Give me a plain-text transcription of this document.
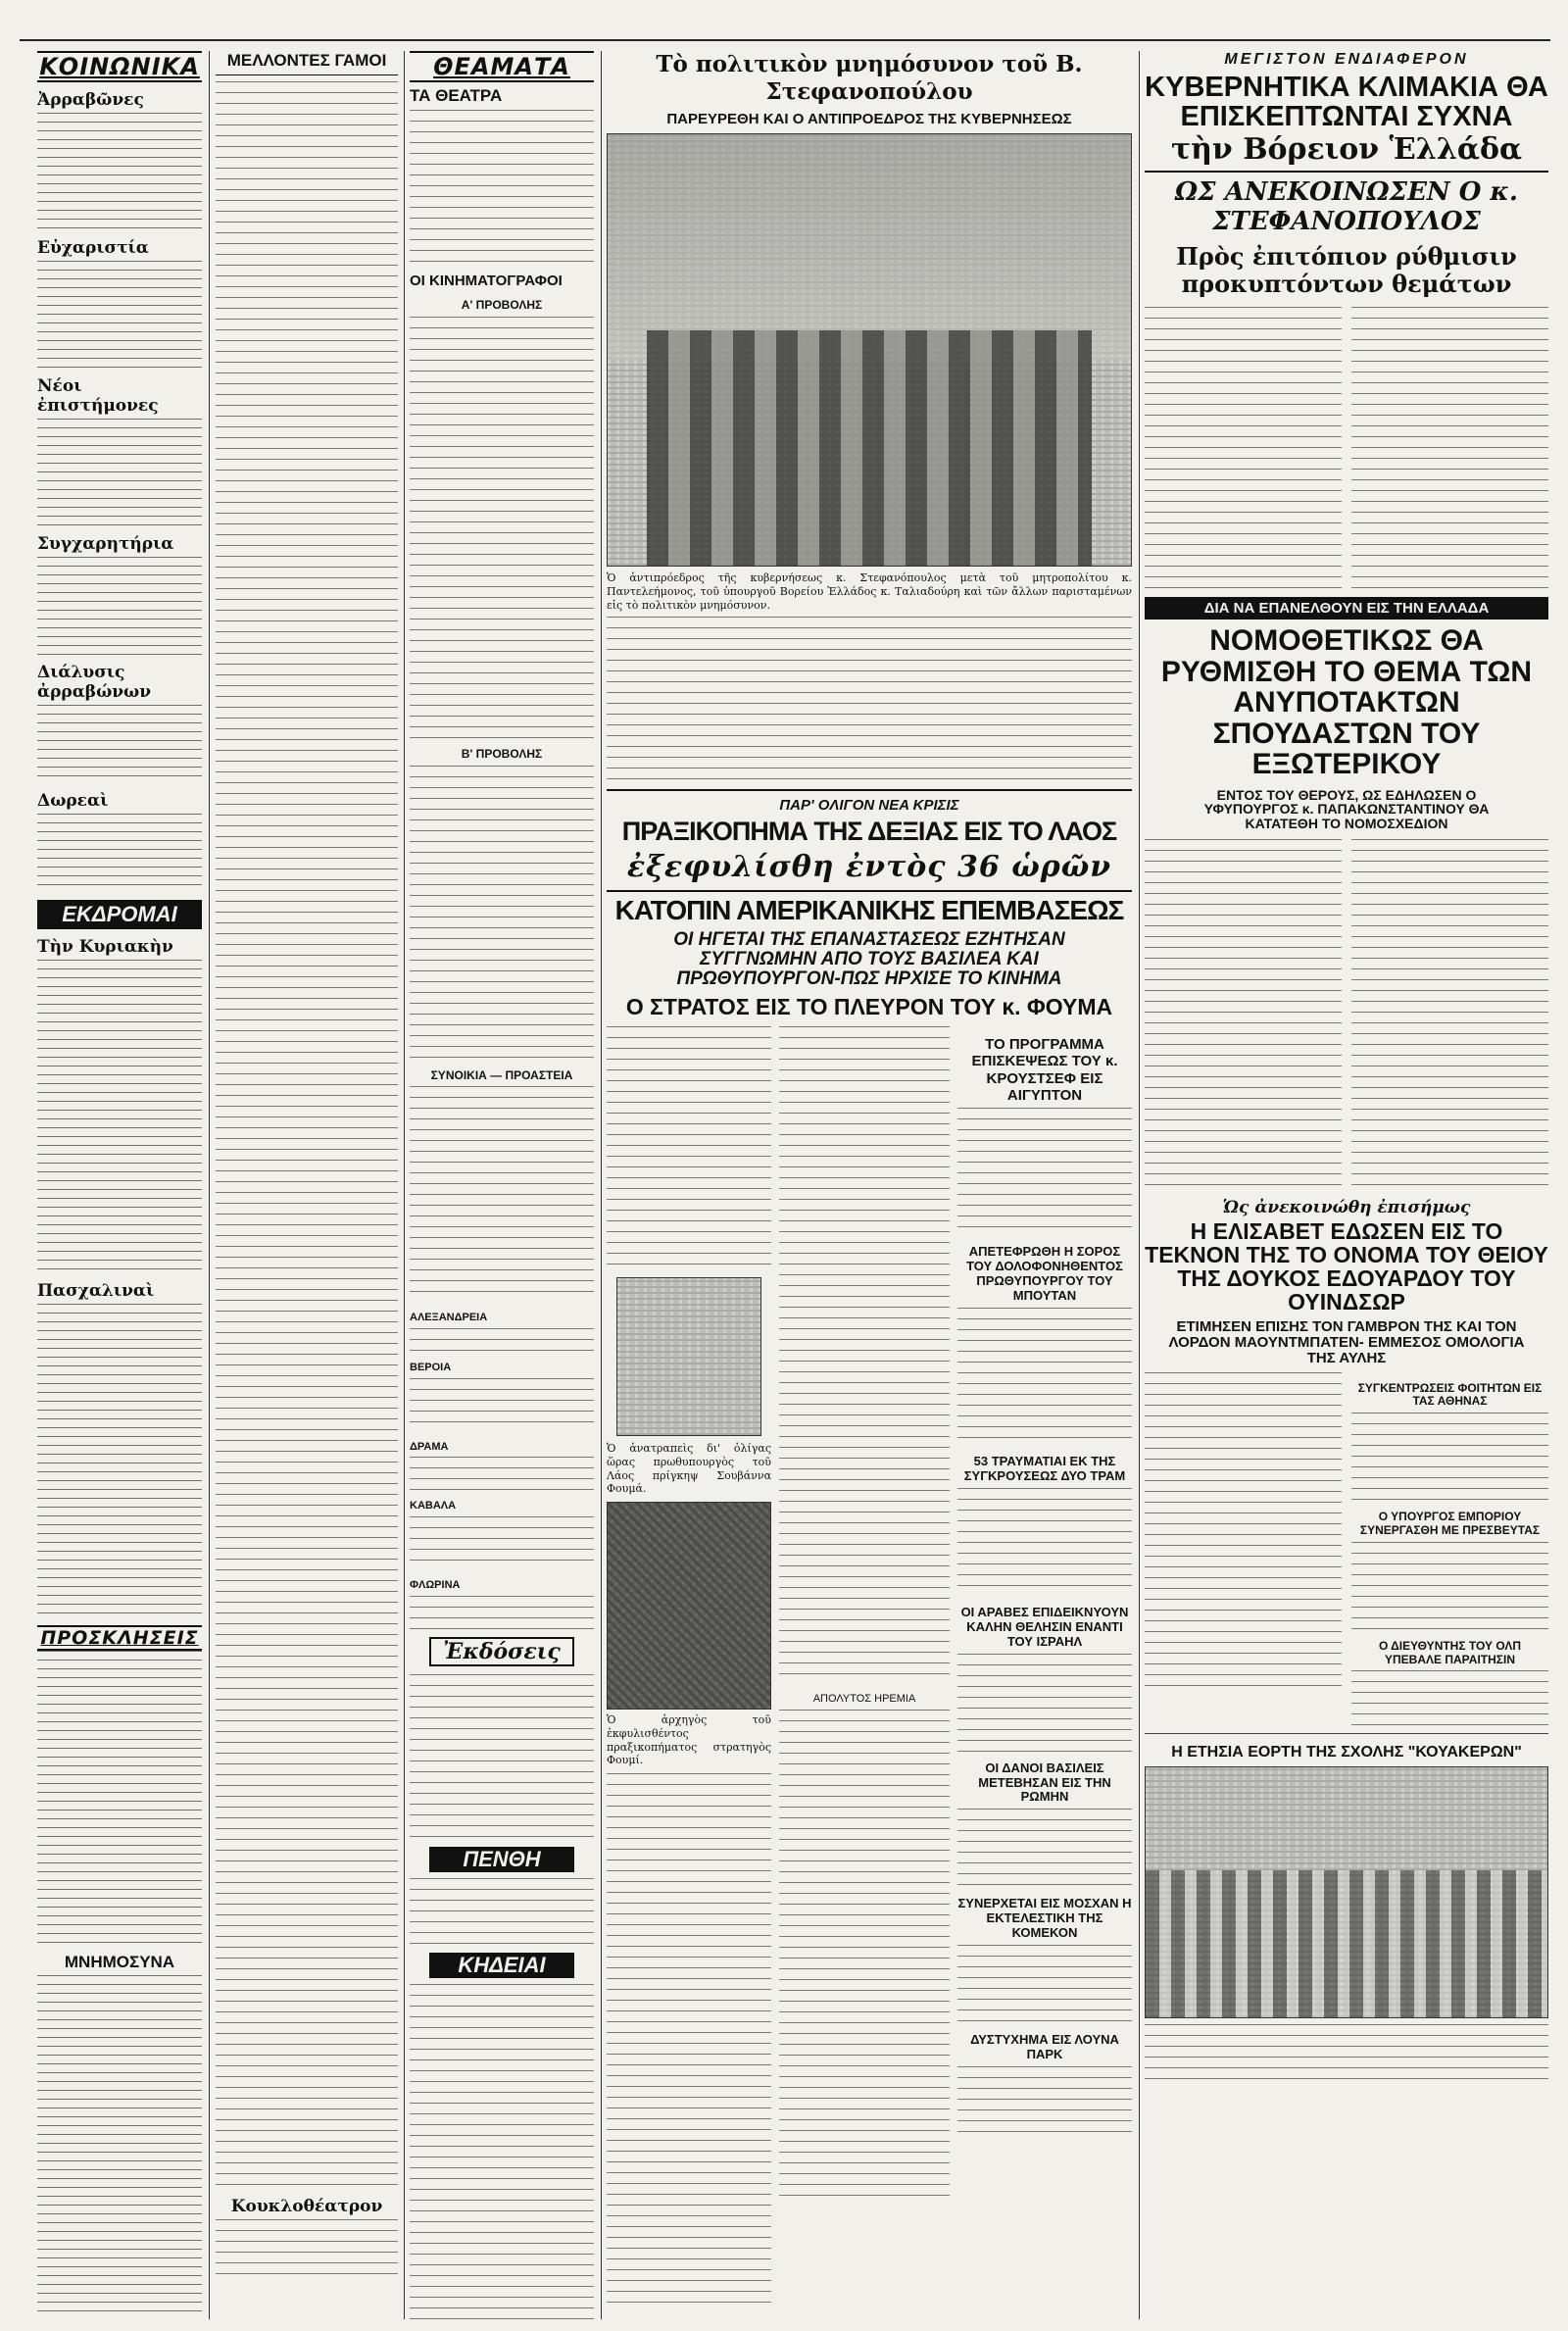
ΚΟΙΝΩΝΙΚΑ
Ἀρραβῶνες
Εὐχαριστία
Νέοι ἐπιστήμονες
Συγχαρητήρια
Διάλυσις ἀρραβώνων
Δωρεαὶ
ΕΚΔΡΟΜΑΙ
Τὴν Κυριακὴν
Πασχαλιναὶ
ΠΡΟΣΚΛΗΣΕΙΣ
ΜΝΗΜΟΣΥΝΑ
ΜΕΛΛΟΝΤΕΣ ΓΑΜΟΙ
Κουκλοθέατρον
ΘΕΑΜΑΤΑ
ΤΑ ΘΕΑΤΡΑ
ΟΙ ΚΙΝΗΜΑΤΟΓΡΑΦΟΙ
Α' ΠΡΟΒΟΛΗΣ
Β' ΠΡΟΒΟΛΗΣ
ΣΥΝΟΙΚΙΑ — ΠΡΟΑΣΤΕΙΑ
ΑΛΕΞΑΝΔΡΕΙΑ
ΒΕΡΟΙΑ
ΔΡΑΜΑ
ΚΑΒΑΛΑ
ΦΛΩΡΙΝΑ
Ἐκδόσεις
ΠΕΝΘΗ
ΚΗΔΕΙΑΙ
Τὸ πολιτικὸν μνημόσυνον τοῦ Β. Στεφανοπούλου
ΠΑΡΕΥΡΕΘΗ ΚΑΙ Ο ΑΝΤΙΠΡΟΕΔΡΟΣ ΤΗΣ ΚΥΒΕΡΝΗΣΕΩΣ
Ὁ ἀντιπρόεδρος τῆς κυβερνήσεως κ. Στεφανόπουλος μετὰ τοῦ μητροπολίτου κ. Παντελεήμονος, τοῦ ὑπουργοῦ Βορείου Ἑλλάδος κ. Ταλιαδούρη καὶ τῶν ἄλλων παρισταμένων εἰς τὸ πολιτικὸν μνημόσυνον.
ΠΑΡ' ΟΛΙΓΟΝ ΝΕΑ ΚΡΙΣΙΣ
ΠΡΑΞΙΚΟΠΗΜΑ ΤΗΣ ΔΕΞΙΑΣ ΕΙΣ ΤΟ ΛΑΟΣ
ἐξεφυλίσθη ἐντὸς 36 ὡρῶν
ΚΑΤΟΠΙΝ ΑΜΕΡΙΚΑΝΙΚΗΣ ΕΠΕΜΒΑΣΕΩΣ
ΟΙ ΗΓΕΤΑΙ ΤΗΣ ΕΠΑΝΑΣΤΑΣΕΩΣ ΕΖΗΤΗΣΑΝ ΣΥΓΓΝΩΜΗΝ ΑΠΟ ΤΟΥΣ ΒΑΣΙΛΕΑ ΚΑΙ ΠΡΩΘΥΠΟΥΡΓΟΝ-ΠΩΣ ΗΡΧΙΣΕ ΤΟ ΚΙΝΗΜΑ
Ο ΣΤΡΑΤΟΣ ΕΙΣ ΤΟ ΠΛΕΥΡΟΝ ΤΟΥ κ. ΦΟΥΜΑ
Ὁ ἀνατραπεὶς δι' ὀλίγας ὥρας πρωθυπουργὸς τοῦ Λάος πρίγκηψ Σουβάννα Φουμά.
Ὁ ἀρχηγὸς τοῦ ἐκφυλισθέντος πραξικοπήματος στρατηγὸς Φουμί.
ΑΠΟΛΥΤΟΣ ΗΡΕΜΙΑ
ΤΟ ΠΡΟΓΡΑΜΜΑ ΕΠΙΣΚΕΨΕΩΣ ΤΟΥ κ. ΚΡΟΥΣΤΣΕΦ ΕΙΣ ΑΙΓΥΠΤΟΝ
ΑΠΕΤΕΦΡΩΘΗ Η ΣΟΡΟΣ ΤΟΥ ΔΟΛΟΦΟΝΗΘΕΝΤΟΣ ΠΡΩΘΥΠΟΥΡΓΟΥ ΤΟΥ ΜΠΟΥΤΑΝ
53 ΤΡΑΥΜΑΤΙΑΙ ΕΚ ΤΗΣ ΣΥΓΚΡΟΥΣΕΩΣ ΔΥΟ ΤΡΑΜ
ΟΙ ΑΡΑΒΕΣ ΕΠΙΔΕΙΚΝΥΟΥΝ ΚΑΛΗΝ ΘΕΛΗΣΙΝ ΕΝΑΝΤΙ ΤΟΥ ΙΣΡΑΗΛ
ΟΙ ΔΑΝΟΙ ΒΑΣΙΛΕΙΣ ΜΕΤΕΒΗΣΑΝ ΕΙΣ ΤΗΝ ΡΩΜΗΝ
ΣΥΝΕΡΧΕΤΑΙ ΕΙΣ ΜΟΣΧΑΝ Η ΕΚΤΕΛΕΣΤΙΚΗ ΤΗΣ ΚΟΜΕΚΟΝ
ΔΥΣΤΥΧΗΜΑ ΕΙΣ ΛΟΥΝΑ ΠΑΡΚ
ΜΕΓΙΣΤΟΝ ΕΝΔΙΑΦΕΡΟΝ
ΚΥΒΕΡΝΗΤΙΚΑ ΚΛΙΜΑΚΙΑ ΘΑ ΕΠΙΣΚΕΠΤΩΝΤΑΙ ΣΥΧΝΑ
τὴν Βόρειον Ἑλλάδα
ΩΣ ΑΝΕΚΟΙΝΩΣΕΝ Ο κ. ΣΤΕΦΑΝΟΠΟΥΛΟΣ
Πρὸς ἐπιτόπιον ρύθμισιν προκυπτόντων θεμάτων
ΔΙΑ ΝΑ ΕΠΑΝΕΛΘΟΥΝ ΕΙΣ ΤΗΝ ΕΛΛΑΔΑ
ΝΟΜΟΘΕΤΙΚΩΣ ΘΑ ΡΥΘΜΙΣΘΗ ΤΟ ΘΕΜΑ ΤΩΝ ΑΝΥΠΟΤΑΚΤΩΝ ΣΠΟΥΔΑΣΤΩΝ ΤΟΥ ΕΞΩΤΕΡΙΚΟΥ
ΕΝΤΟΣ ΤΟΥ ΘΕΡΟΥΣ, ΩΣ ΕΔΗΛΩΣΕΝ Ο ΥΦΥΠΟΥΡΓΟΣ κ. ΠΑΠΑΚΩΝΣΤΑΝΤΙΝΟΥ ΘΑ ΚΑΤΑΤΕΘΗ ΤΟ ΝΟΜΟΣΧΕΔΙΟΝ
Ὡς ἀνεκοινώθη ἐπισήμως
Η ΕΛΙΣΑΒΕΤ ΕΔΩΣΕΝ ΕΙΣ ΤΟ ΤΕΚΝΟΝ ΤΗΣ ΤΟ ΟΝΟΜΑ ΤΟΥ ΘΕΙΟΥ ΤΗΣ ΔΟΥΚΟΣ ΕΔΟΥΑΡΔΟΥ ΤΟΥ ΟΥΙΝΔΣΩΡ
ΕΤΙΜΗΣΕΝ ΕΠΙΣΗΣ ΤΟΝ ΓΑΜΒΡΟΝ ΤΗΣ ΚΑΙ ΤΟΝ ΛΟΡΔΟΝ ΜΑΟΥΝΤΜΠΑΤΕΝ- ΕΜΜΕΣΟΣ ΟΜΟΛΟΓΙΑ ΤΗΣ ΑΥΛΗΣ
ΣΥΓΚΕΝΤΡΩΣΕΙΣ ΦΟΙΤΗΤΩΝ ΕΙΣ ΤΑΣ ΑΘΗΝΑΣ
Ο ΥΠΟΥΡΓΟΣ ΕΜΠΟΡΙΟΥ ΣΥΝΕΡΓΑΣΘΗ ΜΕ ΠΡΕΣΒΕΥΤΑΣ
Ο ΔΙΕΥΘΥΝΤΗΣ ΤΟΥ ΟΛΠ ΥΠΕΒΑΛΕ ΠΑΡΑΙΤΗΣΙΝ
Η ΕΤΗΣΙΑ ΕΟΡΤΗ ΤΗΣ ΣΧΟΛΗΣ "ΚΟΥΑΚΕΡΩΝ"
